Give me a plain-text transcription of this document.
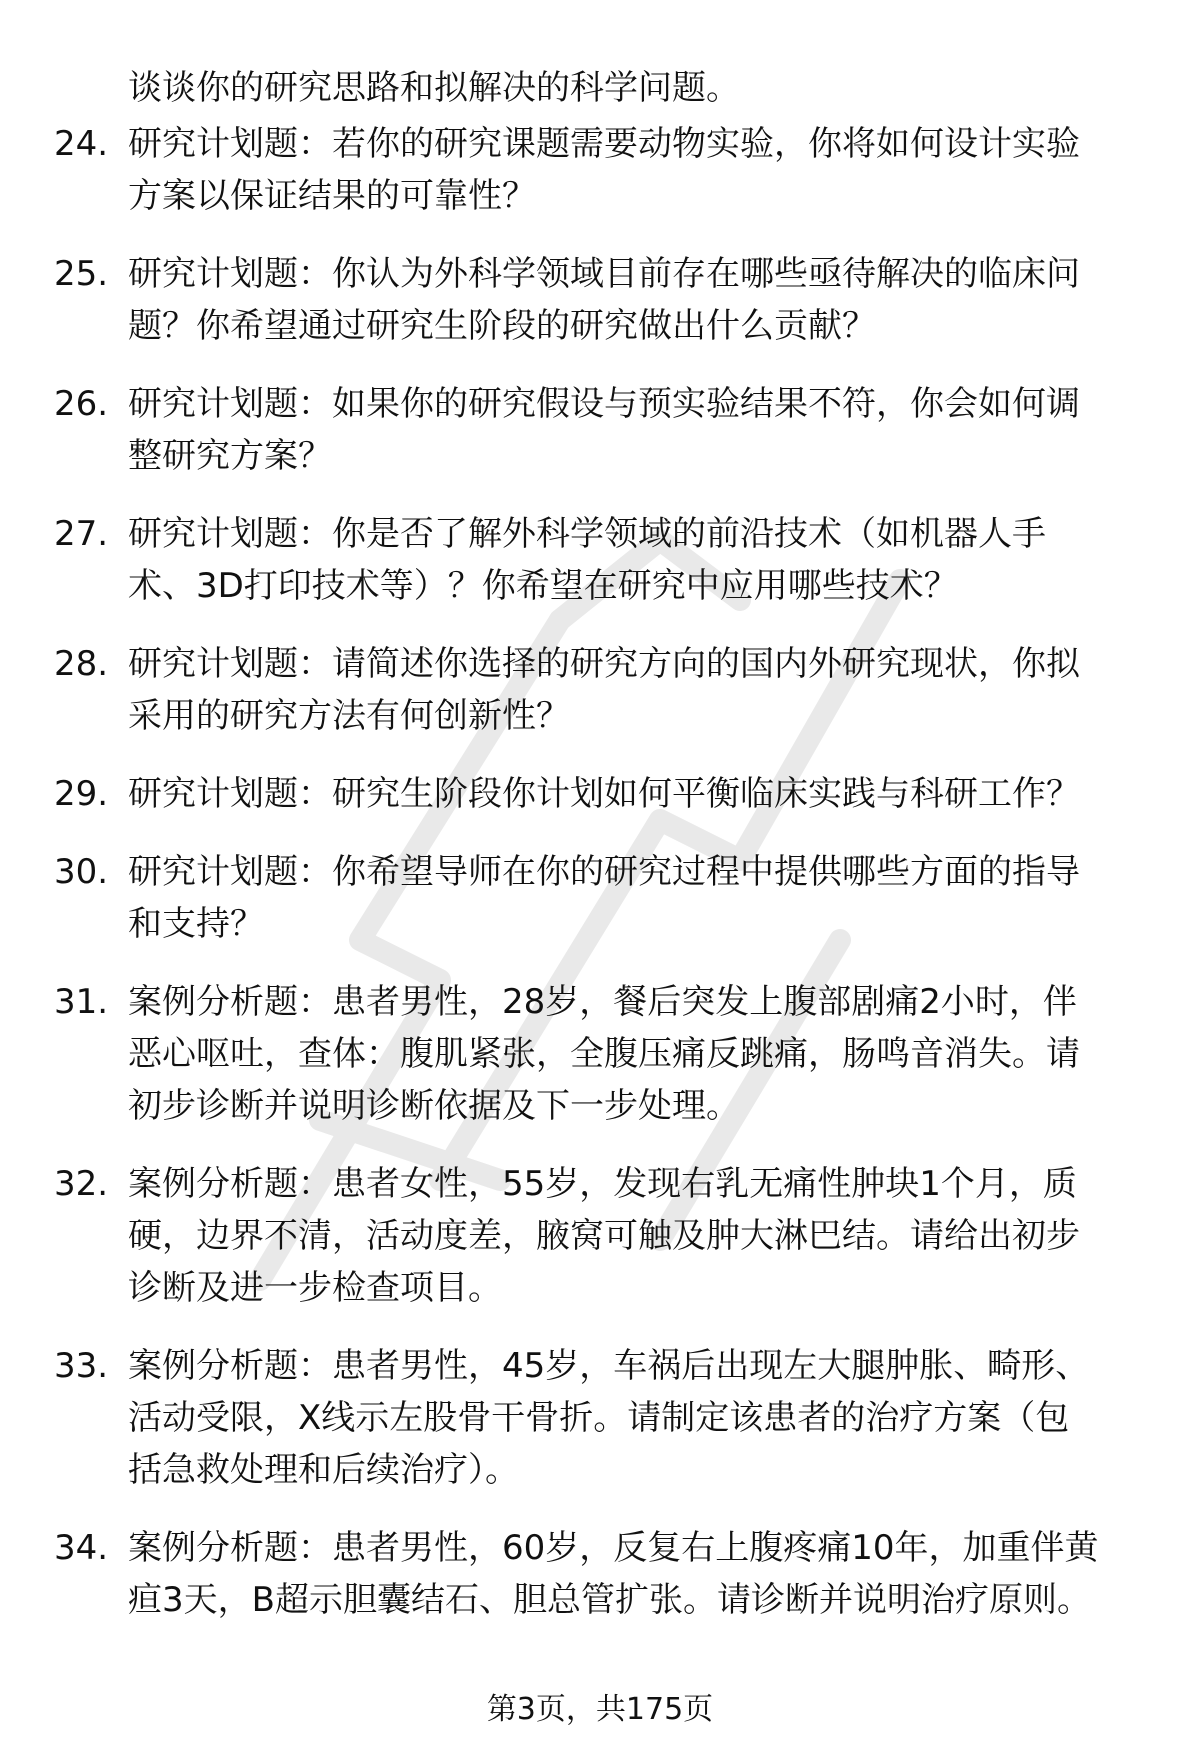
谈谈你的研究思路和拟解决的科学问题。
24. 研究计划题：若你的研究课题需要动物实验，你将如何设计实验
方案以保证结果的可靠性？
25. 研究计划题：你认为外科学领域目前存在哪些亟待解决的临床问
题？你希望通过研究生阶段的研究做出什么贡献？
26. 研究计划题：如果你的研究假设与预实验结果不符，你会如何调
整研究方案？
27. 研究计划题：你是否了解外科学领域的前沿技术（如机器人手
术、3D打印技术等）？你希望在研究中应用哪些技术？
28. 研究计划题：请简述你选择的研究方向的国内外研究现状，你拟
采用的研究方法有何创新性？
29. 研究计划题：研究生阶段你计划如何平衡临床实践与科研工作？
30. 研究计划题：你希望导师在你的研究过程中提供哪些方面的指导
和支持？
31. 案例分析题：患者男性，28岁，餐后突发上腹部剧痛2小时，伴
恶心呕吐，查体：腹肌紧张，全腹压痛反跳痛，肠鸣音消失。请
初步诊断并说明诊断依据及下一步处理。
32. 案例分析题：患者女性，55岁，发现右乳无痛性肿块1个月，质
硬，边界不清，活动度差，腋窝可触及肿大淋巴结。请给出初步
诊断及进一步检查项目。
33. 案例分析题：患者男性，45岁，车祸后出现左大腿肿胀、畸形、
活动受限，X线示左股骨干骨折。请制定该患者的治疗方案（包
括急救处理和后续治疗）。
34. 案例分析题：患者男性，60岁，反复右上腹疼痛10年，加重伴黄
疸3天，B超示胆囊结石、胆总管扩张。请诊断并说明治疗原则。
第3页，共175页
